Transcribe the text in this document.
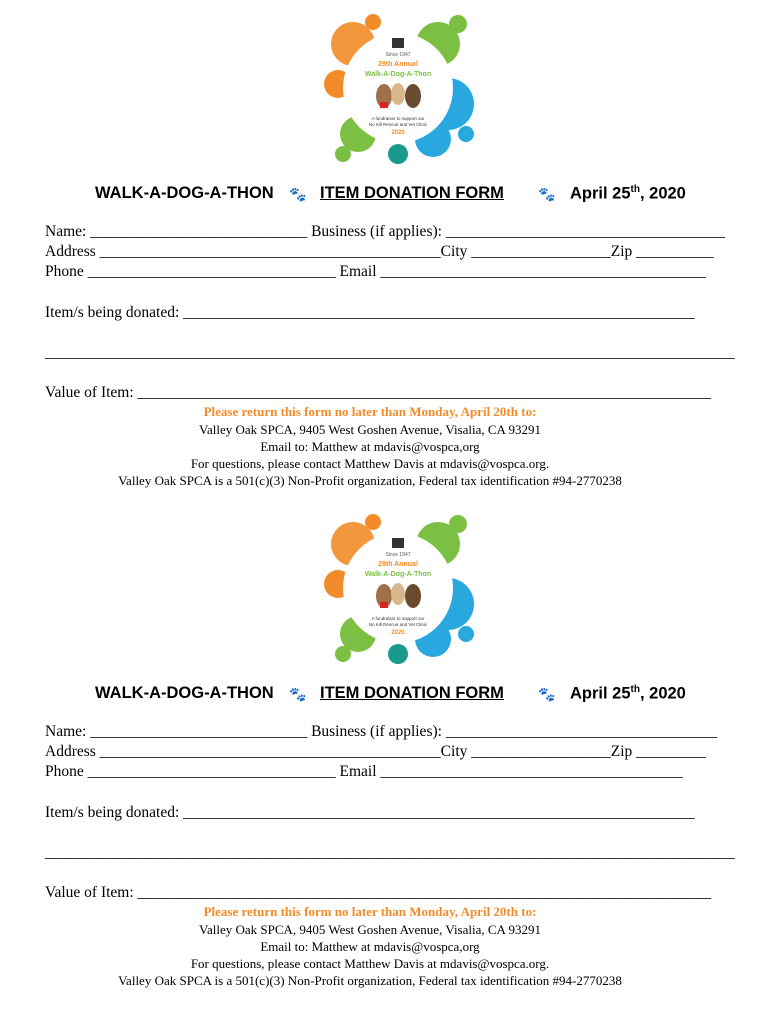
Since 1947
29th Annual
Walk-A-Dog-A-Thon
A fundraiser to support our
No Kill Rescue and Vet Clinic
2020
WALK-A-DOG-A-THON 🐾 ITEM DONATION FORM 🐾 April 25th, 2020
Name: ____________________________ Business (if applies): ____________________________________
Address ____________________________________________City __________________Zip __________
Phone ________________________________ Email __________________________________________
Item/s being donated: __________________________________________________________________
_________________________________________________________________________________________
Value of Item: __________________________________________________________________________
Please return this form no later than Monday, April 20th to:
Valley Oak SPCA, 9405 West Goshen Avenue, Visalia, CA 93291
Email to: Matthew at mdavis@vospca,org
For questions, please contact Matthew Davis at mdavis@vospca.org.
Valley Oak SPCA is a 501(c)(3) Non-Profit organization, Federal tax identification #94-2770238
Since 1947
29th Annual
Walk-A-Dog-A-Thon
A fundraiser to support our
No Kill Rescue and Vet Clinic
2020
WALK-A-DOG-A-THON 🐾 ITEM DONATION FORM 🐾 April 25th, 2020
Name: ____________________________ Business (if applies): ___________________________________
Address ____________________________________________City __________________Zip _________
Phone ________________________________ Email _______________________________________
Item/s being donated: __________________________________________________________________
_________________________________________________________________________________________
Value of Item: __________________________________________________________________________
Please return this form no later than Monday, April 20th to:
Valley Oak SPCA, 9405 West Goshen Avenue, Visalia, CA 93291
Email to: Matthew at mdavis@vospca,org
For questions, please contact Matthew Davis at mdavis@vospca.org.
Valley Oak SPCA is a 501(c)(3) Non-Profit organization, Federal tax identification #94-2770238
